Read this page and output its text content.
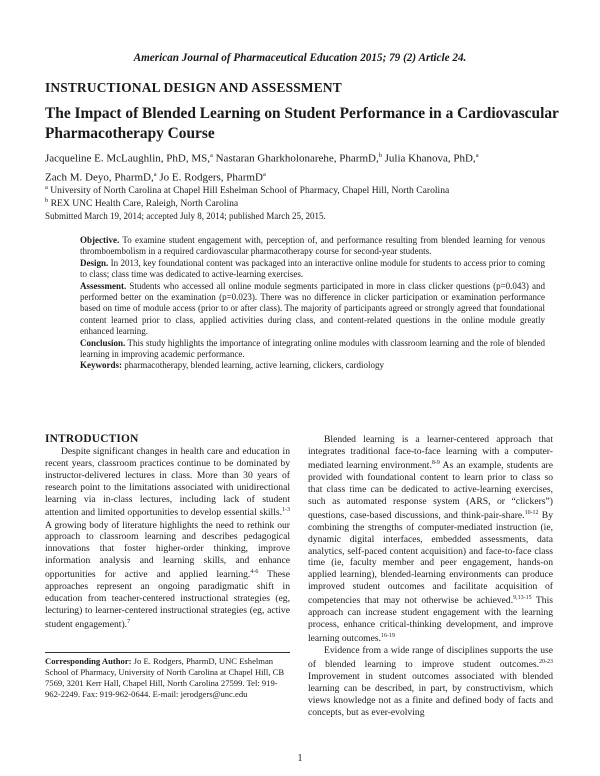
American Journal of Pharmaceutical Education 2015; 79 (2) Article 24.
INSTRUCTIONAL DESIGN AND ASSESSMENT
The Impact of Blended Learning on Student Performance in a Cardiovascular Pharmacotherapy Course
Jacqueline E. McLaughlin, PhD, MS,$^a$ Nastaran Gharkholonarehe, PharmD,$^b$ Julia Khanova, PhD,$^a$
Zach M. Deyo, PharmD,$^a$ Jo E. Rodgers, PharmD$^a$
$^a$ University of North Carolina at Chapel Hill Eshelman School of Pharmacy, Chapel Hill, North Carolina
$^b$ REX UNC Health Care, Raleigh, North Carolina
Submitted March 19, 2014; accepted July 8, 2014; published March 25, 2015.

Objective. To examine student engagement with, perception of, and performance resulting from blended learning for venous thromboembolism in a required cardiovascular pharmacotherapy course for second-year students.

Design. In 2013, key foundational content was packaged into an interactive online module for students to access prior to coming to class; class time was dedicated to active-learning exercises.

Assessment. Students who accessed all online module segments participated in more in class clicker questions (p=0.043) and performed better on the examination (p=0.023). There was no difference in clicker participation or examination performance based on time of module access (prior to or after class). The majority of participants agreed or strongly agreed that foundational content learned prior to class, applied activities during class, and content-related questions in the online module greatly enhanced learning.

Conclusion. This study highlights the importance of integrating online modules with classroom learning and the role of blended learning in improving academic performance.

Keywords: pharmacotherapy, blended learning, active learning, clickers, cardiology

INTRODUCTION

Despite significant changes in health care and education in recent years, classroom practices continue to be dominated by instructor-delivered lectures in class. More than 30 years of research point to the limitations associated with unidirectional learning via in-class lectures, including lack of student attention and limited opportunities to develop essential skills.$^{1-3}$ A growing body of literature highlights the need to rethink our approach to classroom learning and describes pedagogical innovations that foster higher-order thinking, improve information analysis and learning skills, and enhance opportunities for active and applied learning.$^{4-6}$ These approaches represent an ongoing paradigmatic shift in education from teacher-centered instructional strategies (eg, lecturing) to learner-centered instructional strategies (eg, active student engagement).$^7$

Blended learning is a learner-centered approach that integrates traditional face-to-face learning with a computer-mediated learning environment.$^{8-9}$ As an example, students are provided with foundational content to learn prior to class so that class time can be dedicated to active-learning exercises, such as automated response system (ARS, or “clickers”) questions, case-based discussions, and think-pair-share.$^{10-12}$ By combining the strengths of computer-mediated instruction (ie, dynamic digital interfaces, embedded assessments, data analytics, self-paced content acquisition) and face-to-face class time (ie, faculty member and peer engagement, hands-on applied learning), blended-learning environments can produce improved student outcomes and facilitate acquisition of competencies that may not otherwise be achieved.$^{9,13-15}$ This approach can increase student engagement with the learning process, enhance critical-thinking development, and improve learning outcomes.$^{16-19}$

Evidence from a wide range of disciplines supports the use of blended learning to improve student outcomes.$^{20-23}$ Improvement in student outcomes associated with blended learning can be described, in part, by constructivism, which views knowledge not as a finite and defined body of facts and concepts, but as ever-evolving

Corresponding Author: Jo E. Rodgers, PharmD, UNC Eshelman School of Pharmacy, University of North Carolina at Chapel Hill, CB 7569, 3201 Kerr Hall, Chapel Hill, North Carolina 27599. Tel: 919-962-2249. Fax: 919-962-0644. E-mail: jerodgers@unc.edu
1
